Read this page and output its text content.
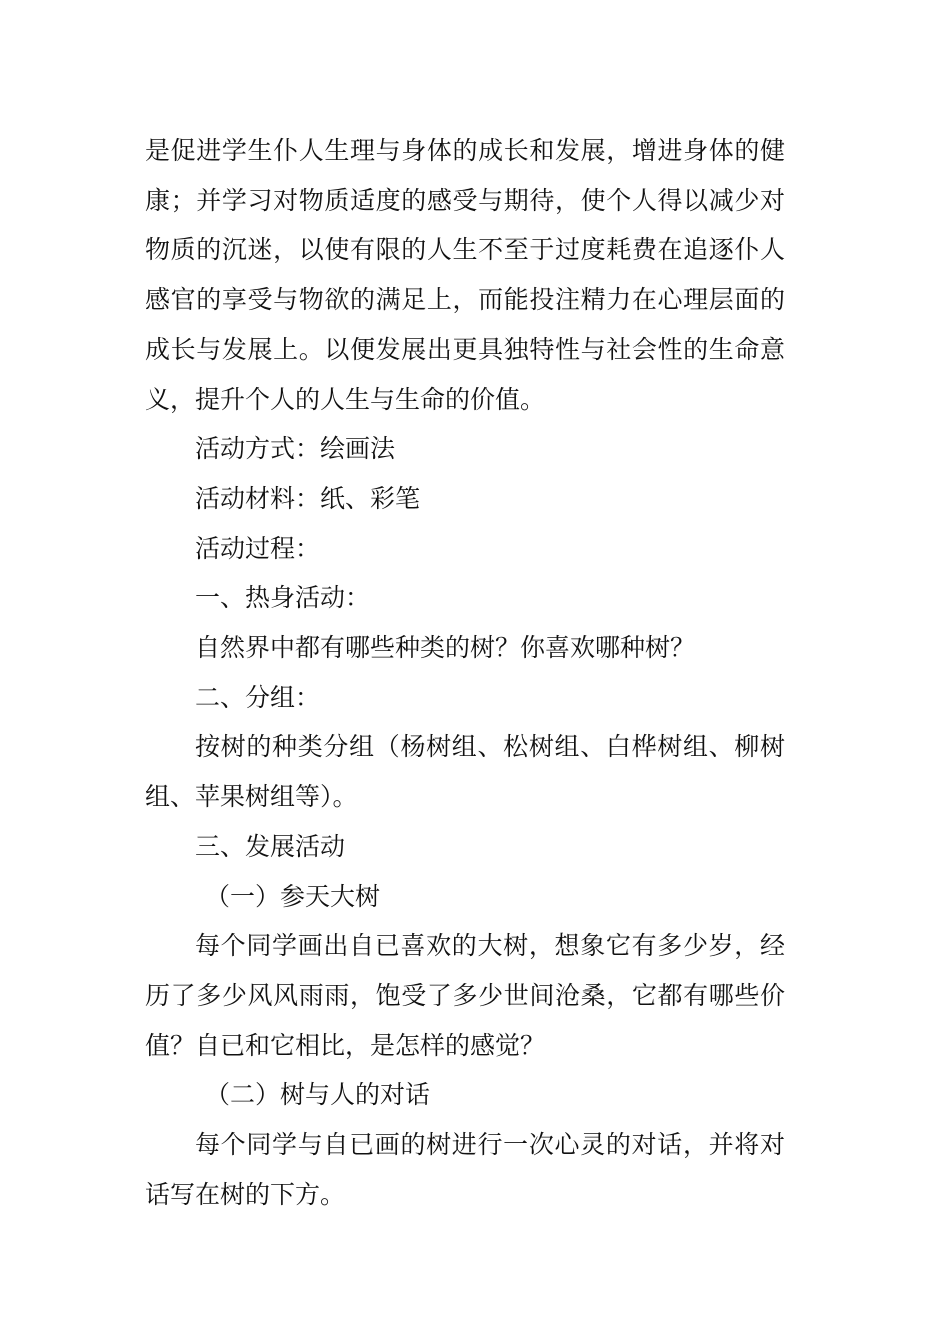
是促进学生仆人生理与身体的成长和发展，增进身体的健康；并学习对物质适度的感受与期待，使个人得以减少对物质的沉迷，以使有限的人生不至于过度耗费在追逐仆人感官的享受与物欲的满足上，而能投注精力在心理层面的成长与发展上。以便发展出更具独特性与社会性的生命意义，提升个人的人生与生命的价值。

活动方式：绘画法

活动材料：纸、彩笔

活动过程：

一、热身活动：

自然界中都有哪些种类的树？你喜欢哪种树？

二、分组：

按树的种类分组（杨树组、松树组、白桦树组、柳树组、苹果树组等）。

三、发展活动

（一）参天大树

每个同学画出自已喜欢的大树，想象它有多少岁，经历了多少风风雨雨，饱受了多少世间沧桑，它都有哪些价值？自已和它相比，是怎样的感觉？

（二）树与人的对话

每个同学与自已画的树进行一次心灵的对话，并将对话写在树的下方。
